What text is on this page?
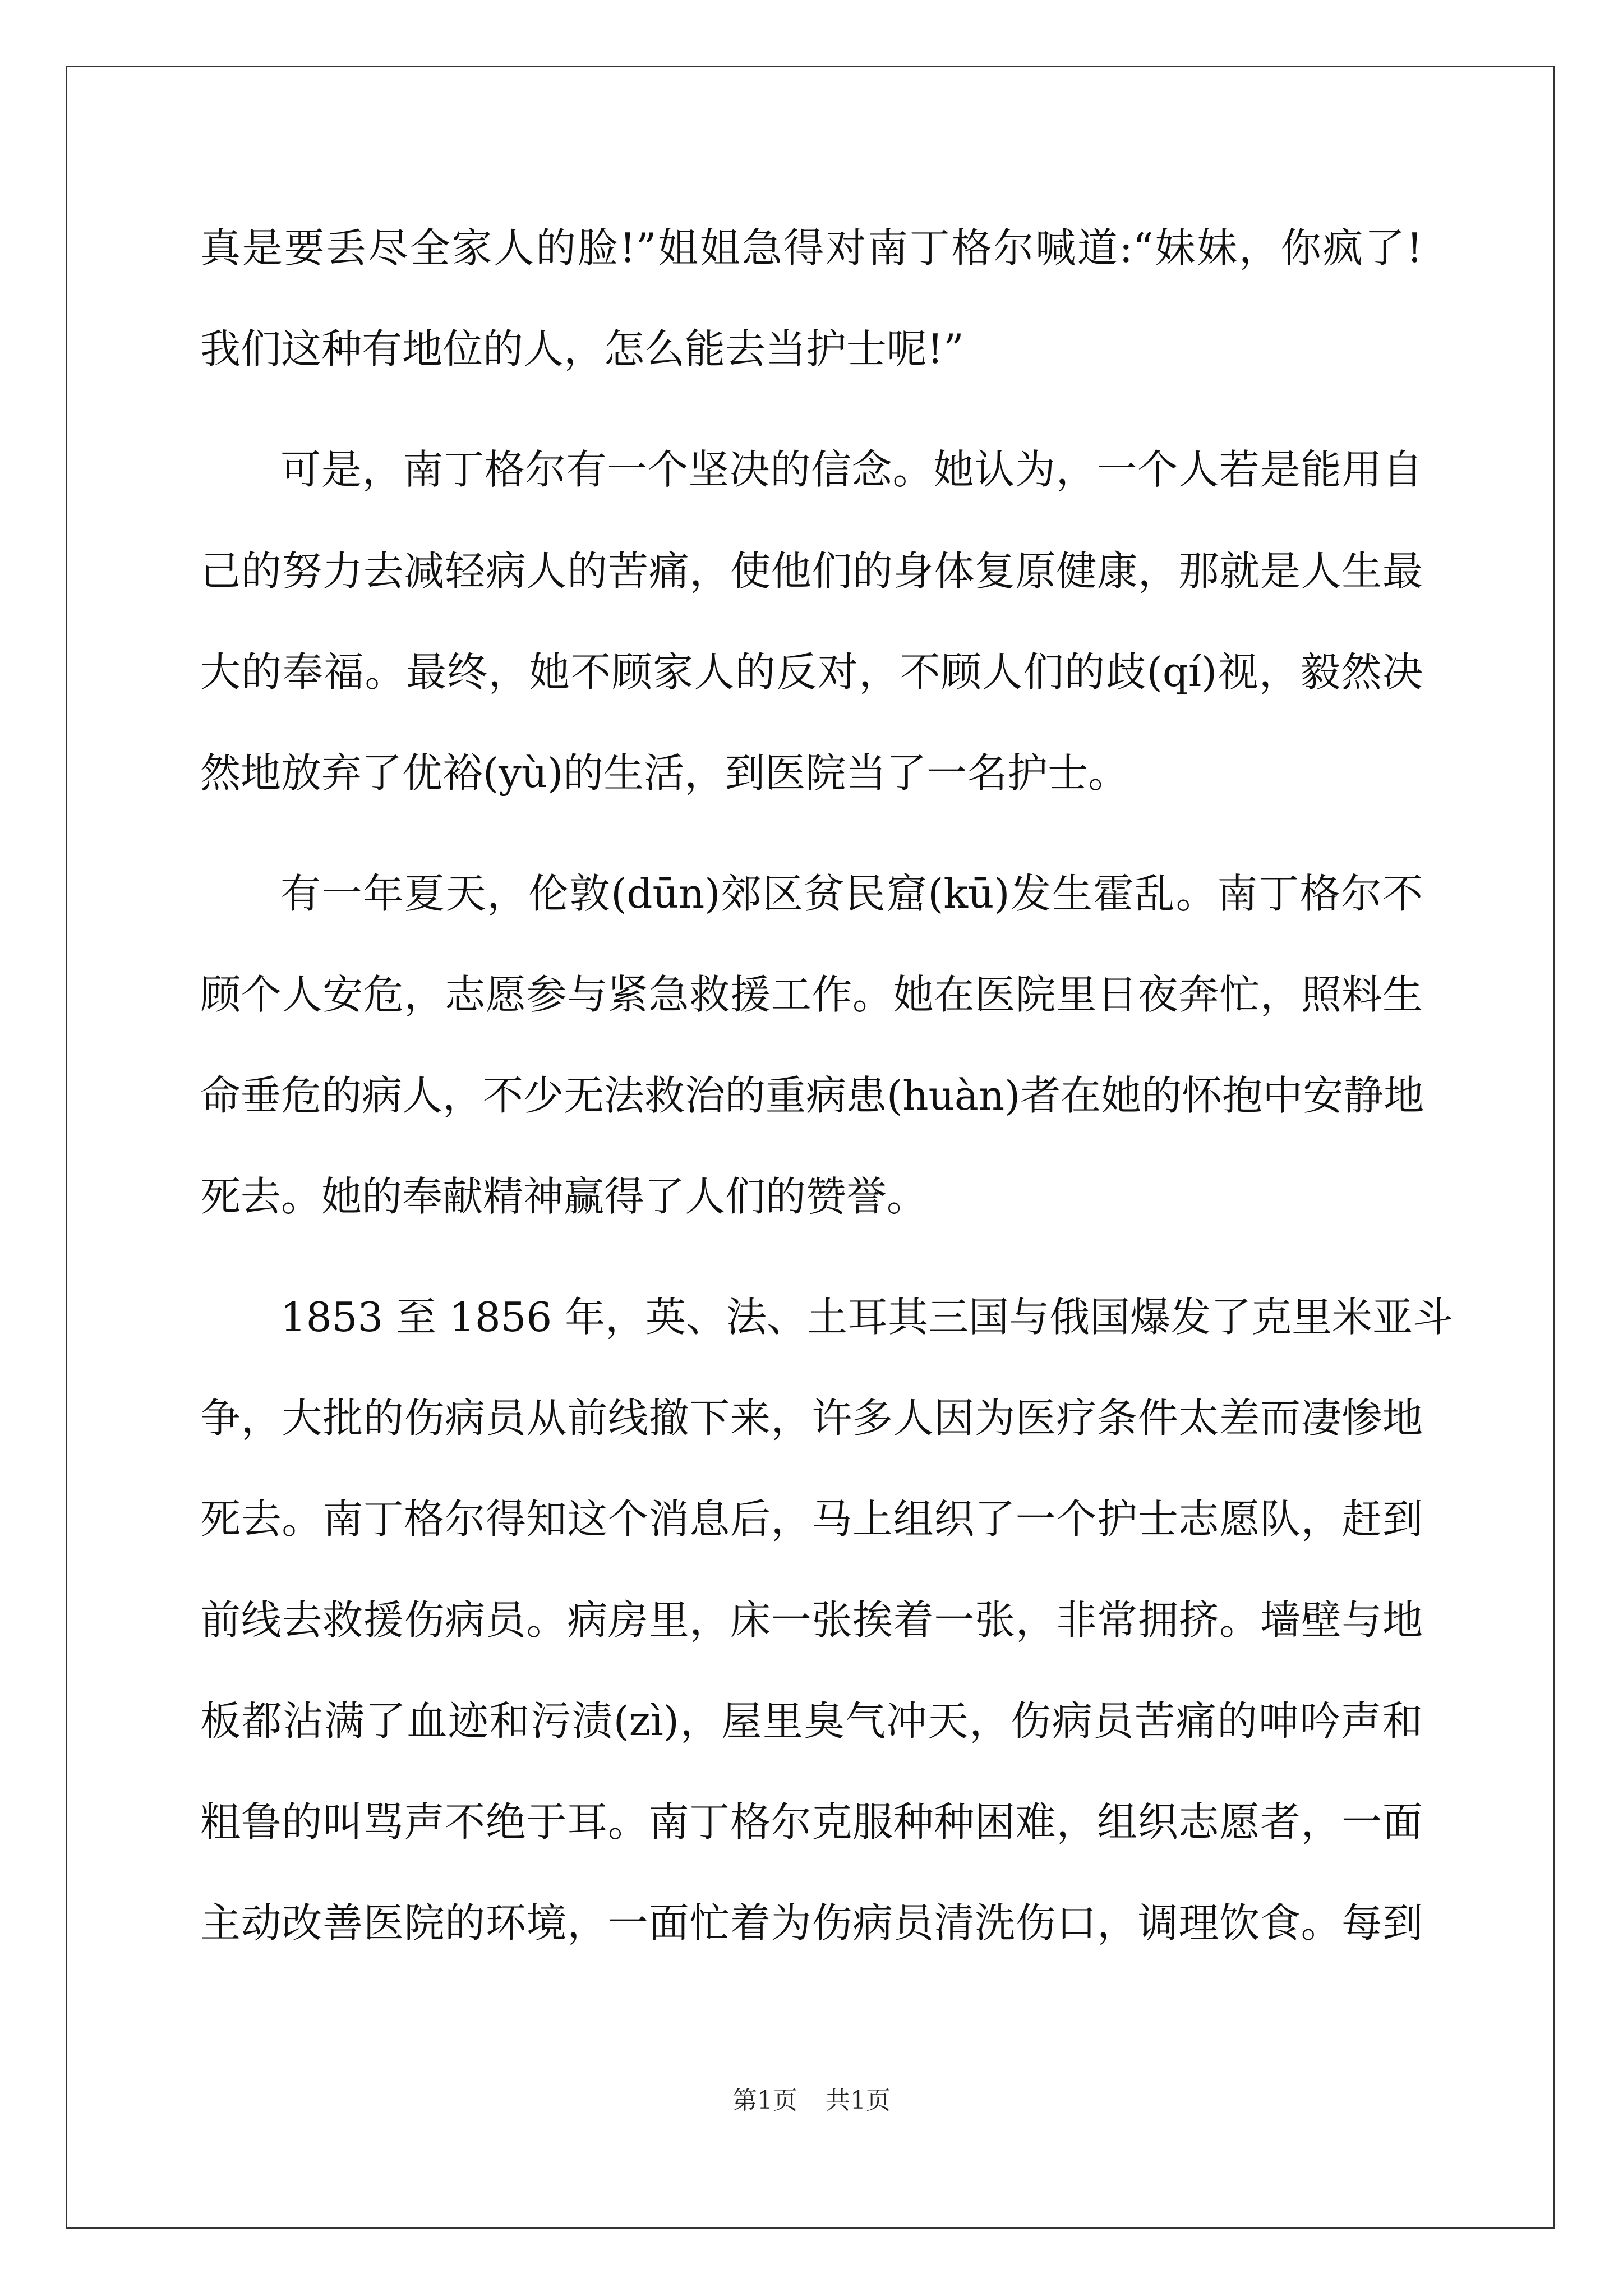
真是要丢尽全家人的脸!”姐姐急得对南丁格尔喊道:“妹妹，你疯了!
我们这种有地位的人，怎么能去当护士呢!”
可是，南丁格尔有一个坚决的信念。她认为，一个人若是能用自
己的努力去减轻病人的苦痛，使他们的身体复原健康，那就是人生最
大的奉福。最终，她不顾家人的反对，不顾人们的歧(qí)视，毅然决
然地放弃了优裕(yù)的生活，到医院当了一名护士。
有一年夏天，伦敦(dūn)郊区贫民窟(kū)发生霍乱。南丁格尔不
顾个人安危，志愿参与紧急救援工作。她在医院里日夜奔忙，照料生
命垂危的病人，不少无法救治的重病患(huàn)者在她的怀抱中安静地
死去。她的奉献精神赢得了人们的赞誉。
1853 至 1856 年，英、法、土耳其三国与俄国爆发了克里米亚斗
争，大批的伤病员从前线撤下来，许多人因为医疗条件太差而凄惨地
死去。南丁格尔得知这个消息后，马上组织了一个护士志愿队，赶到
前线去救援伤病员。病房里，床一张挨着一张，非常拥挤。墙壁与地
板都沾满了血迹和污渍(zì)，屋里臭气冲天，伤病员苦痛的呻吟声和
粗鲁的叫骂声不绝于耳。南丁格尔克服种种困难，组织志愿者，一面
主动改善医院的环境，一面忙着为伤病员清洗伤口，调理饮食。每到
第1页 共1页
